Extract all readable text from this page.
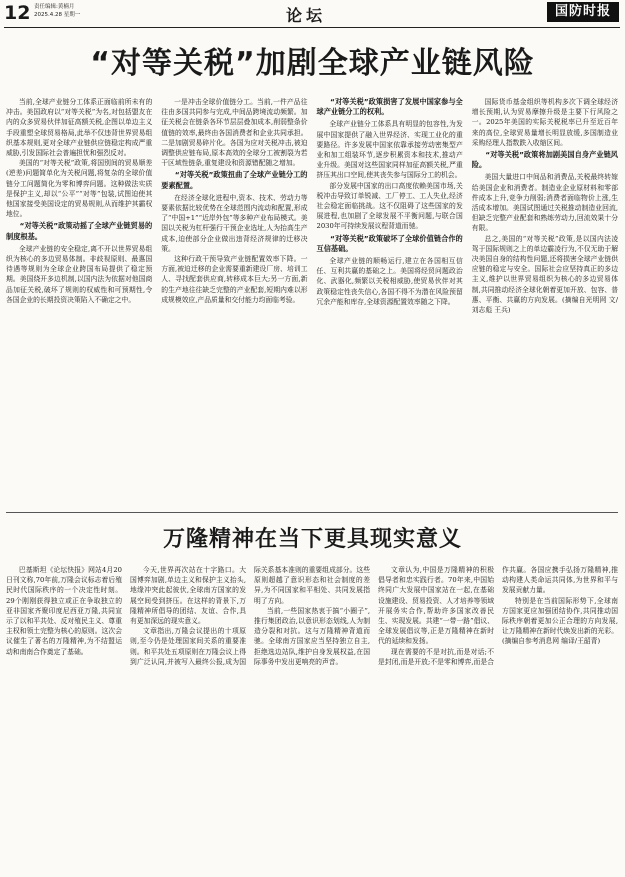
12 责任编辑:黄楠月
2025.4.28 星期一	论坛	国防时报
“对等关税”加剧全球产业链风险

当前,全球产业链分工体系正面临前所未有的冲击。美国政府以“对等关税”为名,对包括盟友在内的众多贸易伙伴加征高额关税,企图以单边主义手段重塑全球贸易格局,此举不仅违背世界贸易组织基本规则,更对全球产业链供应链稳定构成严重威胁,引发国际社会普遍担忧和强烈反对。

美国的“对等关税”政策,将国别间的贸易顺差(逆差)问题简单化为关税问题,将复杂的全球价值链分工问题简化为零和博弈问题。这种做法实质是保护主义,却以“公平”“对等”包装,试图迫使其他国家接受美国设定的贸易规则,从而维护其霸权地位。

“对等关税”政策动摇了全球产业链贸易的制度根基。

全球产业链的安全稳定,离不开以世界贸易组织为核心的多边贸易体制。非歧视原则、最惠国待遇等规则为全球企业跨国布局提供了稳定预期。美国绕开多边机制,以国内法为依据对他国商品加征关税,破坏了规则的权威性和可预期性,令各国企业的长期投资决策陷入不确定之中。

一是冲击全球价值链分工。当前,一件产品往往由多国共同参与完成,中间品跨境流动频繁。加征关税会在链条各环节层层叠加成本,削弱整条价值链的效率,最终由各国消费者和企业共同承担。二是加剧贸易碎片化。各国为应对关税冲击,被迫调整供应链布局,原本高效的全球分工被割裂为若干区域性链条,重复建设和资源错配随之增加。

“对等关税”政策扭曲了全球产业链分工的要素配置。

在经济全球化进程中,资本、技术、劳动力等要素依据比较优势在全球范围内流动和配置,形成了“中国+1”“近岸外包”等多种产业布局模式。美国以关税为杠杆强行干预企业选址,人为抬高生产成本,迫使部分企业做出违背经济规律的迁移决策。

这种行政干预导致产业链配置效率下降。一方面,被迫迁移的企业需要重新建设厂房、培训工人、寻找配套供应商,转移成本巨大;另一方面,新的生产地往往缺乏完整的产业配套,短期内难以形成规模效应,产品质量和交付能力均面临考验。

“对等关税”政策损害了发展中国家参与全球产业链分工的权利。

全球产业链分工体系具有明显的包容性,为发展中国家提供了融入世界经济、实现工业化的重要路径。许多发展中国家依靠承接劳动密集型产业和加工组装环节,逐步积累资本和技术,推动产业升级。美国对这些国家同样加征高额关税,严重挤压其出口空间,使其丧失参与国际分工的机会。

部分发展中国家的出口高度依赖美国市场,关税冲击导致订单锐减、工厂停工、工人失业,经济社会稳定面临挑战。这不仅阻碍了这些国家的发展进程,也加剧了全球发展不平衡问题,与联合国2030年可持续发展议程背道而驰。

“对等关税”政策破坏了全球价值链合作的互信基础。

全球产业链的顺畅运行,建立在各国相互信任、互利共赢的基础之上。美国将经贸问题政治化、武器化,频繁以关税相威胁,使贸易伙伴对其政策稳定性丧失信心,各国不得不为潜在风险预留冗余产能和库存,全球资源配置效率随之下降。

国际货币基金组织等机构多次下调全球经济增长预期,认为贸易摩擦升级是主要下行风险之一。2025年美国的实际关税税率已升至近百年来的高位,全球贸易量增长明显放缓,多国制造业采购经理人指数跌入收缩区间。

“对等关税”政策将加剧美国自身产业链风险。

美国大量进口中间品和消费品,关税最终转嫁给美国企业和消费者。制造业企业原材料和零部件成本上升,竞争力削弱;消费者面临物价上涨,生活成本增加。美国试图通过关税推动制造业回流,但缺乏完整产业配套和熟练劳动力,回流效果十分有限。

总之,美国的“对等关税”政策,是以国内法凌驾于国际规则之上的单边霸凌行为,不仅无助于解决美国自身的结构性问题,还将损害全球产业链供应链的稳定与安全。国际社会应坚持真正的多边主义,维护以世界贸易组织为核心的多边贸易体制,共同推动经济全球化朝着更加开放、包容、普惠、平衡、共赢的方向发展。(摘编自光明网 文/刘志彪 王兵)

万隆精神在当下更具现实意义

巴基斯坦《论坛快报》网站4月20日刊文称,70年前,万隆会议标志着后殖民时代国际秩序的一个决定性时刻。29个刚刚获得独立或正在争取独立的亚非国家齐聚印度尼西亚万隆,共同宣示了以和平共处、反对殖民主义、尊重主权和领土完整为核心的原则。这次会议催生了著名的万隆精神,为不结盟运动和南南合作奠定了基础。

今天,世界再次站在十字路口。大国博弈加剧,单边主义和保护主义抬头,地缘冲突此起彼伏,全球南方国家的发展空间受到挤压。在这样的背景下,万隆精神所倡导的团结、友谊、合作,具有更加深远的现实意义。

文章指出,万隆会议提出的十项原则,至今仍是处理国家间关系的重要准则。和平共处五项原则在万隆会议上得到广泛认同,并被写入最终公报,成为国际关系基本准则的重要组成部分。这些原则超越了意识形态和社会制度的差异,为不同国家和平相处、共同发展指明了方向。

当前,一些国家热衷于搞“小圈子”,推行集团政治,以意识形态划线,人为制造分裂和对抗。这与万隆精神背道而驰。全球南方国家应当坚持独立自主,拒绝选边站队,维护自身发展权益,在国际事务中发出更响亮的声音。

文章认为,中国是万隆精神的积极倡导者和忠实践行者。70年来,中国始终同广大发展中国家站在一起,在基础设施建设、贸易投资、人才培养等领域开展务实合作,帮助许多国家改善民生、实现发展。共建“一带一路”倡议、全球发展倡议等,正是万隆精神在新时代的延续和发扬。

现在需要的不是对抗,而是对话;不是封闭,而是开放;不是零和博弈,而是合作共赢。各国应携手弘扬万隆精神,推动构建人类命运共同体,为世界和平与发展贡献力量。

特别是在当前国际形势下,全球南方国家更应加强团结协作,共同推动国际秩序朝着更加公正合理的方向发展,让万隆精神在新时代焕发出新的光彩。(摘编自参考消息网 编译/王韶青)
